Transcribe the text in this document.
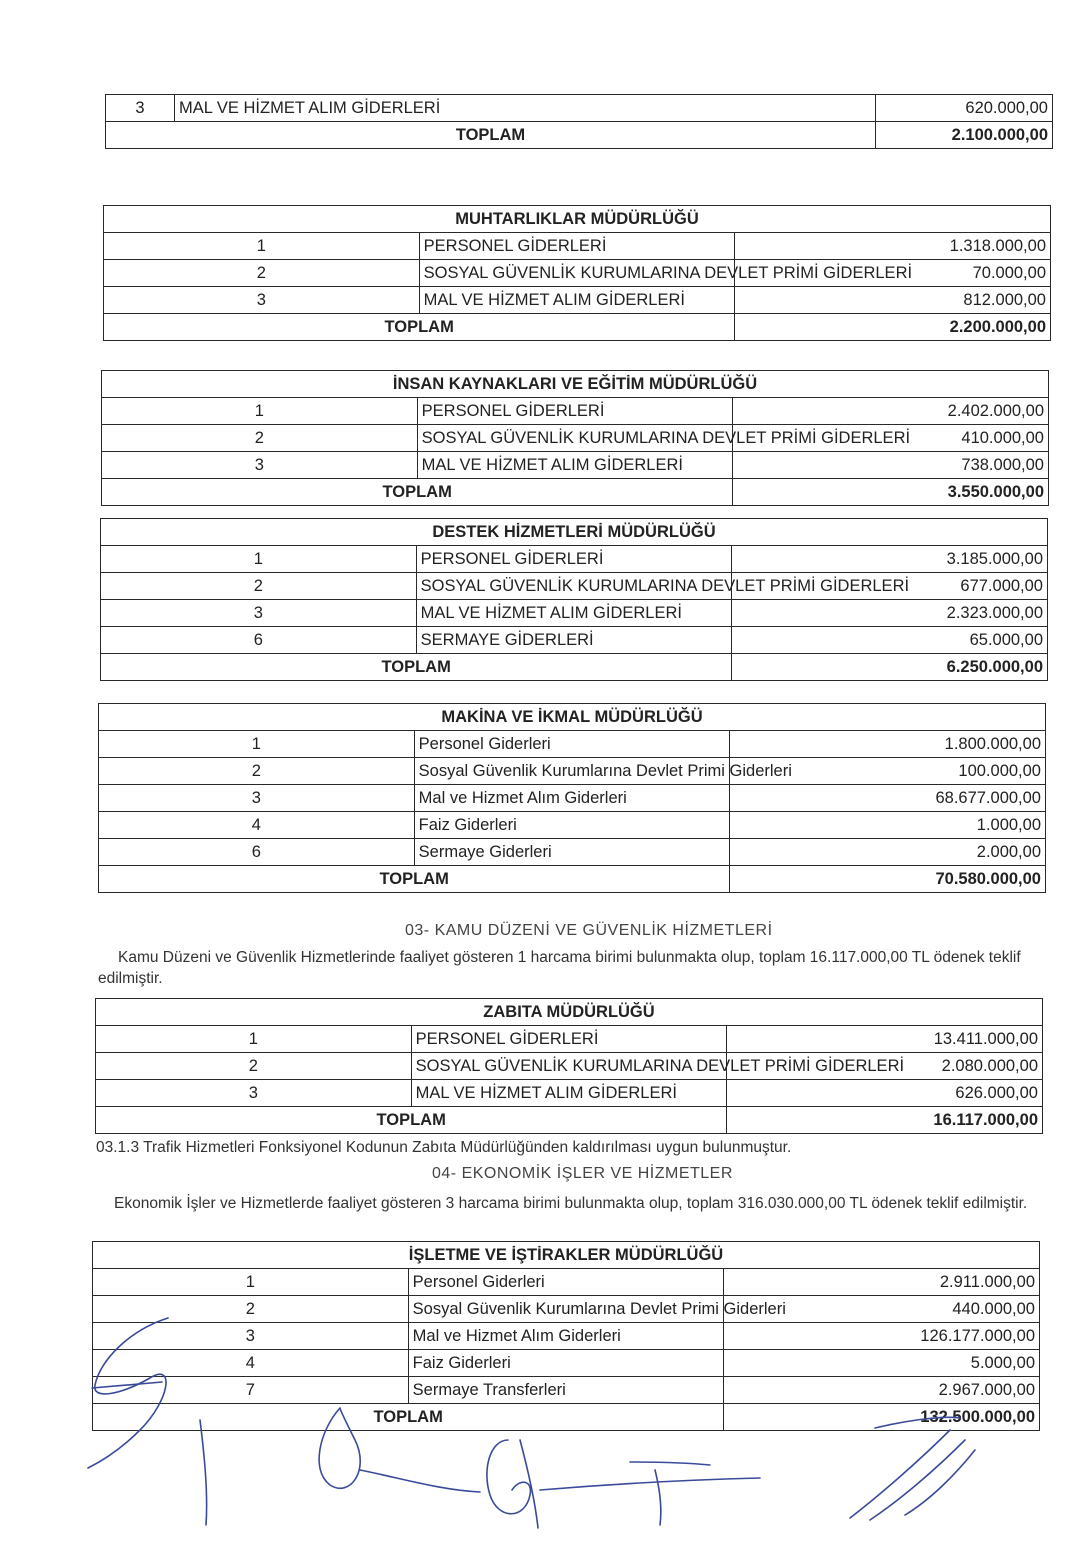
3	MAL VE HİZMET ALIM GİDERLERİ	620.000,00
TOPLAM		2.100.000,00
MUHTARLIKLAR MÜDÜRLÜĞÜ		
1	PERSONEL GİDERLERİ	1.318.000,00
2	SOSYAL GÜVENLİK KURUMLARINA DEVLET PRİMİ GİDERLERİ	70.000,00
3	MAL VE HİZMET ALIM GİDERLERİ	812.000,00
TOPLAM		2.200.000,00
İNSAN KAYNAKLARI VE EĞİTİM MÜDÜRLÜĞÜ		
1	PERSONEL GİDERLERİ	2.402.000,00
2	SOSYAL GÜVENLİK KURUMLARINA DEVLET PRİMİ GİDERLERİ	410.000,00
3	MAL VE HİZMET ALIM GİDERLERİ	738.000,00
TOPLAM		3.550.000,00
DESTEK HİZMETLERİ MÜDÜRLÜĞÜ		
1	PERSONEL GİDERLERİ	3.185.000,00
2	SOSYAL GÜVENLİK KURUMLARINA DEVLET PRİMİ GİDERLERİ	677.000,00
3	MAL VE HİZMET ALIM GİDERLERİ	2.323.000,00
6	SERMAYE GİDERLERİ	65.000,00
TOPLAM		6.250.000,00
MAKİNA VE İKMAL MÜDÜRLÜĞÜ		
1	Personel Giderleri	1.800.000,00
2	Sosyal Güvenlik Kurumlarına Devlet Primi Giderleri	100.000,00
3	Mal ve Hizmet Alım Giderleri	68.677.000,00
4	Faiz Giderleri	1.000,00
6	Sermaye Giderleri	2.000,00
TOPLAM		70.580.000,00
03- KAMU DÜZENİ VE GÜVENLİK HİZMETLERİ
Kamu Düzeni ve Güvenlik Hizmetlerinde faaliyet gösteren 1 harcama birimi bulunmakta olup, toplam 16.117.000,00 TL ödenek teklif edilmiştir.
ZABITA MÜDÜRLÜĞÜ		
1	PERSONEL GİDERLERİ	13.411.000,00
2	SOSYAL GÜVENLİK KURUMLARINA DEVLET PRİMİ GİDERLERİ	2.080.000,00
3	MAL VE HİZMET ALIM GİDERLERİ	626.000,00
TOPLAM		16.117.000,00
03.1.3 Trafik Hizmetleri Fonksiyonel Kodunun Zabıta Müdürlüğünden kaldırılması uygun bulunmuştur.
04- EKONOMİK İŞLER VE HİZMETLER
Ekonomik İşler ve Hizmetlerde faaliyet gösteren 3 harcama birimi bulunmakta olup, toplam 316.030.000,00 TL ödenek teklif edilmiştir.
İŞLETME VE İŞTİRAKLER MÜDÜRLÜĞÜ		
1	Personel Giderleri	2.911.000,00
2	Sosyal Güvenlik Kurumlarına Devlet Primi Giderleri	440.000,00
3	Mal ve Hizmet Alım Giderleri	126.177.000,00
4	Faiz Giderleri	5.000,00
7	Sermaye Transferleri	2.967.000,00
TOPLAM		132.500.000,00
